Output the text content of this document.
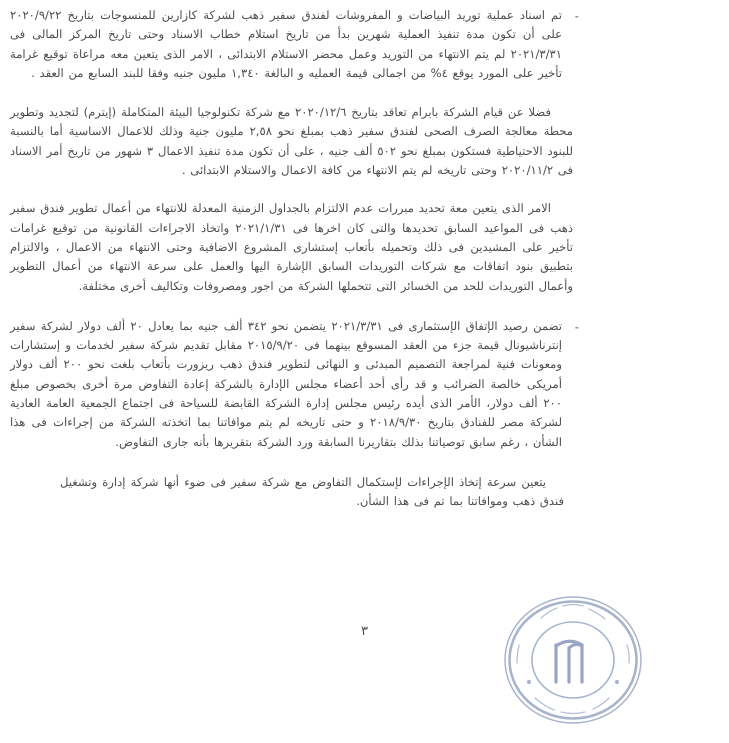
-
تم اسناد عملية توريد البياضات و المفروشات لفندق سفير ذهب لشركة كازارين للمنسوجات بتاريخ ٢٠٢٠/٩/٢٢ على أن تكون مدة تنفيذ العملية شهرين بدأ من تاريخ استلام خطاب الاسناد وحتى تاريخ المركز المالى فى ٢٠٢١/٣/٣١ لم يتم الانتهاء من التوريد وعمل محضر الاستلام الابتدائى ، الامر الذى يتعين معه مراعاة توقيع غرامة تأخير على المورد يوقع ٤% من اجمالى قيمة العمليه و البالغة ١,٣٤٠ مليون جنيه وفقا للبند السابع من العقد .
فضلا عن قيام الشركة بابرام تعاقد بتاريخ ٢٠٢٠/١٢/٦ مع شركة تكنولوجيا البيئة المتكاملة (إيترم) لتجديد وتطوير محطة معالجة الصرف الصحى لفندق سفير ذهب بمبلغ نحو ٢,٥٨ مليون جنية وذلك للاعمال الاساسية أما بالنسبة للبنود الاحتياطية فستكون بمبلغ نحو ٥٠٢ ألف جنيه ، على أن تكون مدة تنفيذ الاعمال ٣ شهور من تاريخ أمر الاسناد فى ٢٠٢٠/١١/٢ وحتى تاريخه لم يتم الانتهاء من كافة الاعمال والاستلام الابتدائى .
الامر الذى يتعين معة تحديد مبررات عدم الالتزام بالجداول الزمنية المعدلة للانتهاء من أعمال تطوير فندق سفير ذهب فى المواعيد السابق تحديدها والتى كان اخرها فى ٢٠٢١/١/٣١ واتخاذ الاجراءات القانونية من توقيع غرامات تأخير على المشيدين فى ذلك وتحميله بأتعاب إستشارى المشروع الاضافية وحتى الانتهاء من الاعمال ، والالتزام بتطبيق بنود اتفاقات مع شركات التوريدات السابق الإشارة اليها والعمل على سرعة الانتهاء من أعمال التطوير وأعمال التوريدات للحد من الخسائر التى تتحملها الشركة من اجور ومصروفات وتكاليف أخرى مختلفة.
-
تضمن رصيد الإتفاق الإستثمارى فى ٢٠٢١/٣/٣١ يتضمن نحو ٣٤٢ ألف جنيه بما يعادل ٢٠ ألف دولار لشركة سفير إنترناشيونال قيمة جزء من العقد المسوقع بينهما فى ٢٠١٥/٩/٢٠ مقابل تقديم شركة سفير لخدمات و إستشارات ومعونات فنية لمراجعة التصميم المبدئى و النهائى لتطوير فندق ذهب ريزورت بأتعاب بلغت نحو ٢٠٠ ألف دولار أمريكى خالصة الضرائب و قد رأى أحد أعضاء مجلس الإدارة بالشركة إعادة التفاوض مرة أخرى بخصوص مبلغ ٢٠٠ ألف دولار، الأمر الذى أيده رئيس مجلس إدارة الشركة القابضة للسياحة فى اجتماع الجمعية العامة العادية لشركة مصر للفنادق بتاريخ ٢٠١٨/٩/٣٠ و حتى تاريخه لم يتم موافاتنا بما اتخذته الشركة من إجراءات فى هذا الشأن ، رغم سابق توصياتنا بذلك بتقاريرنا السابقة ورد الشركة بتقريرها بأنه جارى التفاوض.
يتعين سرعة إتخاذ الإجراءات لإستكمال التفاوض مع شركة سفير فى ضوء أنها شركة إدارة وتشغيل فندق ذهب وموافاتنا بما تم فى هذا الشأن.
٣
